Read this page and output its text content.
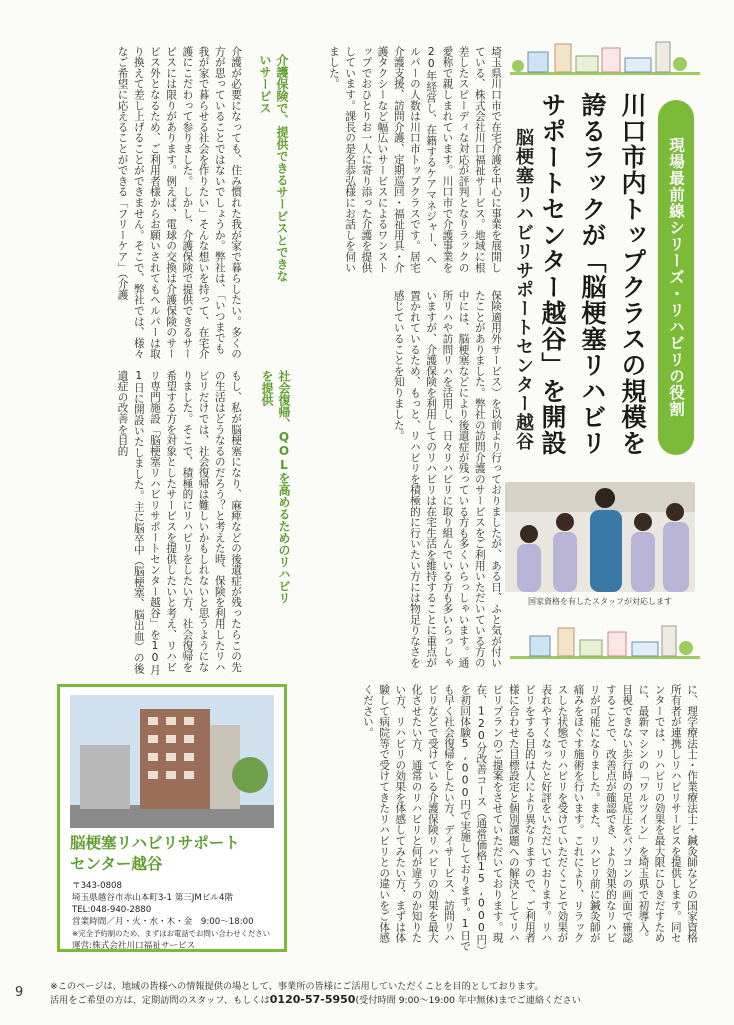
現場最前線シリーズ・リハビリの役割
川口市内トップクラスの規模を
誇るラックが「脳梗塞リハビリ
サポートセンター越谷」を開設
脳梗塞リハビリサポートセンター越谷
国家資格を有したスタッフが対応します
埼玉県川口市で在宅介護を中心に事業を展開している、株式会社川口福祉サービス。地域に根差したスピーディな対応が評判となりラックの愛称で親しまれています。川口市で介護事業を20年経営し、在籍するケアマネジャー、ヘルパーの人数は川口市トップクラスです。居宅介護支援、訪問介護、定期巡回・福祉用具・介護タクシーなど幅広いサービスによるワンストップでおひとりお一人に寄り添った介護を提供しています。課長の是名恭弘様にお話しを伺いました。
介護保険で、提供できるサービスとできないサービス
介護が必要になっても、住み慣れた我が家で暮らしたい。多くの方が思っていることではないでしょうか。弊社は、「いつまでも我が家で暮らせる社会を作りたい」そんな想いを持って、在宅介護にこだわって参りました。しかし、介護保険で提供できるサービスには限りがあります。例えば、電球の交換は介護保険のサービス外となるため、ご利用者様からお願いされてもヘルパーは取り換えて差し上げることができません。そこで、弊社では、様々なご希望に応えることができる「フリーケア」（介護
保険適用外サービス）を以前より行っておりましたが、ある日、ふと気が付いたことがありました。弊社の訪問介護のサービスをご利用いただいている方の中には、脳梗塞などにより後遺症が残っている方も多くいらっしゃいます。通所リハや訪問リハを活用し、日々リハビリに取り組んでいる方も多いらっしゃいますが、介護保険を利用してのリハビリは在宅生活を維持することに重点が置かれているため、もっと、リハビリを積極的に行いたい方には物足りなさを感じていることを知りました。
社会復帰、QOLを高めるためのリハビリを提供
もし、私が脳梗塞になり、麻痺などの後遺症が残ったらこの先の生活はどうなるのだろう？と考えた時、保険を利用したリハビリだけでは、社会復帰は難しいかもしれないと思うようになりました。そこで、積極的にリハビリをしたい方、社会復帰を希望する方を対象としたサービスを提供したいと考え、リハビリ専門施設「脳梗塞リハビリサポートセンター越谷」を10月1日に開設いたしました。主に脳卒中（脳梗塞、脳出血）の後遺症の改善を目的
に、理学療法士・作業療法士・鍼灸師などの国家資格所有者が連携しリハビリサービスを提供します。同センターでは、リハビリの効果を最大限にひきだすために、最新マシンの「ワルツイン」を埼玉県で初導入。目視できない歩行時の足底圧をパソコンの画面で確認することで、改善点が確認でき、より効果的なリハビリが可能になりました。また、リハビリ前に鍼灸師が痛みをほぐす施術を行います。これにより、リラックスした状態でリハビリを受けていただくことで効果が表れやすくなったと好評をいただいております。リハビリをする目的は人により異なりますので、ご利用者様に合わせた目標設定と個別課題への解決としてリハビリプランのご提案をさせていただいております。現在、120分改善コース（通常価格15,000円）を初回体験5,000円で実施しております。1日でも早く社会復帰をしたい方、デイサービス、訪問リハビリなどで受けている介護保険リハビリの効果を最大化させたい方、通常のリハビリと何が違うのか知りたい方、リハビリの効果を体感してみたい方、まずは体験して病院等で受けてきたリハビリとの違いをご体感ください。
脳梗塞リハビリサポート
センター越谷
〒343-0808
埼玉県越谷市赤山本町3-1 第三JMビル4階
TEL:048-940-2880
営業時間／月・火・水・木・金　9:00～18:00
※完全予約制のため、まずはお電話でお問い合わせください
運営:株式会社川口福祉サービス
9	※このページは、地域の皆様への情報提供の場として、事業所の皆様にご活用していただくことを目的としております。
活用をご希望の方は、定期訪問のスタッフ、もしくは0120-57-5950(受付時間 9:00～19:00 年中無休)までご連絡ください
